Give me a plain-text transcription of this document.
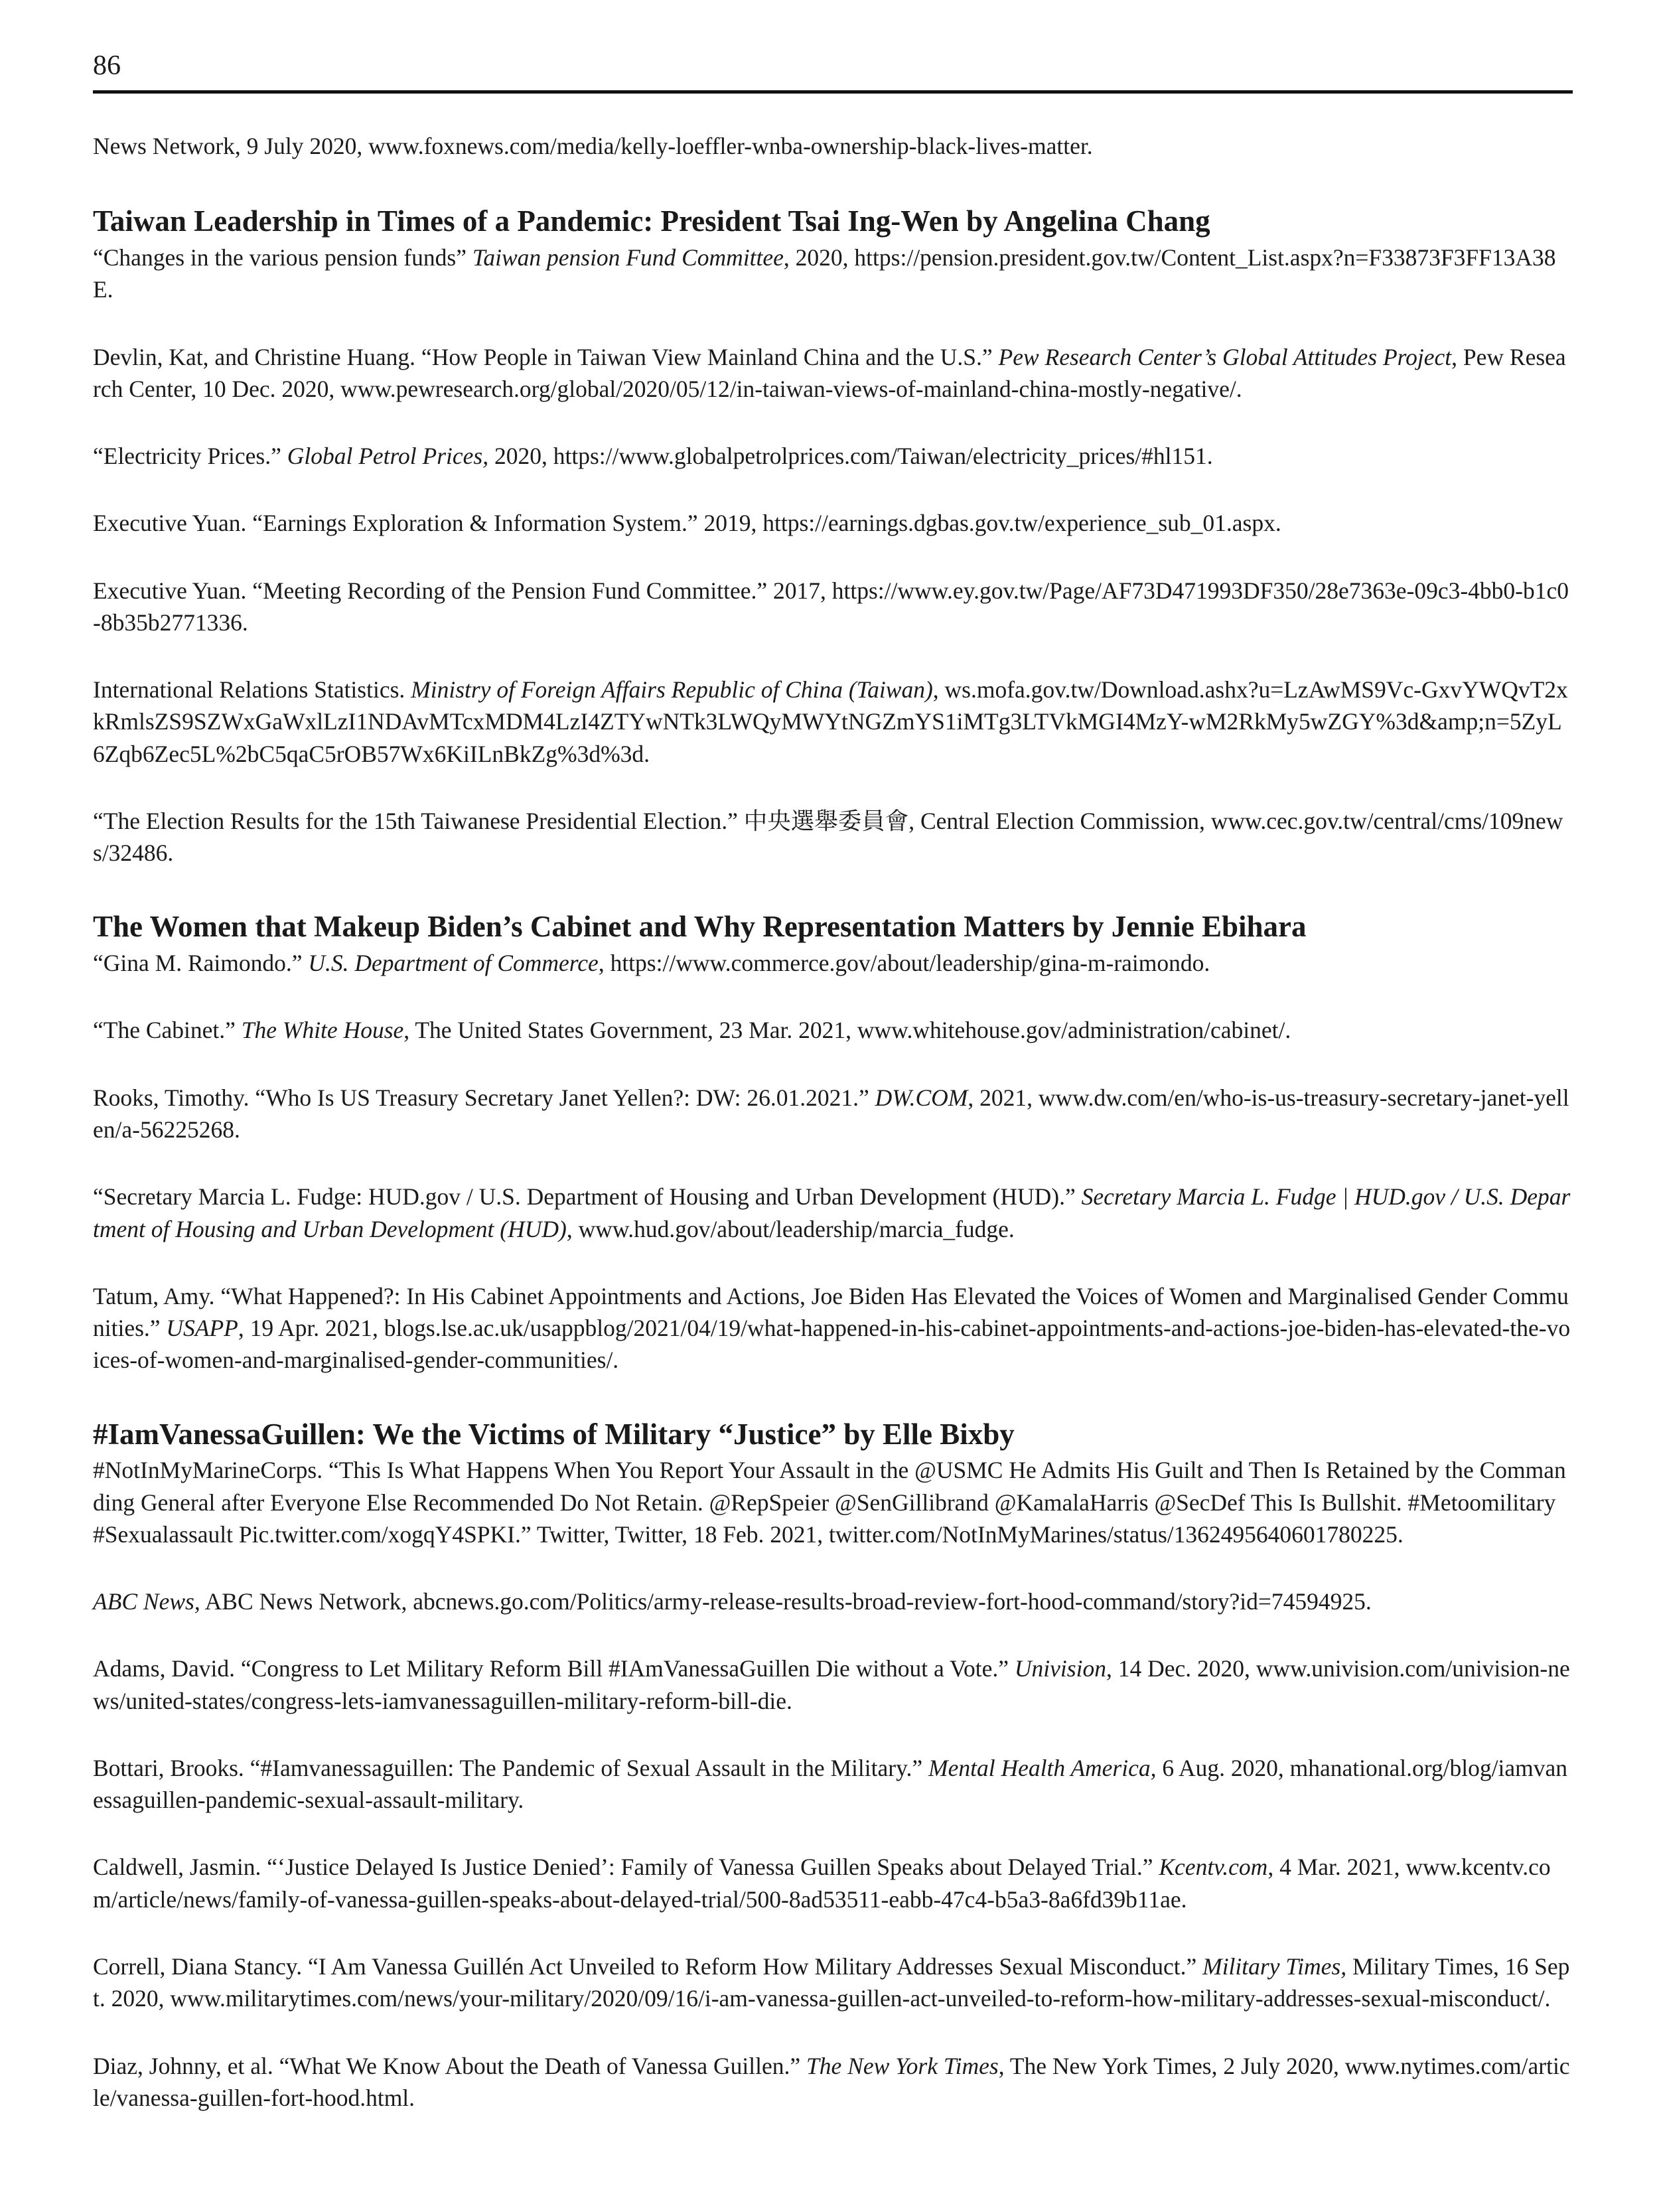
86

News Network, 9 July 2020, www.foxnews.com/media/kelly-loeffler-wnba-ownership-black-lives-matter.

Taiwan Leadership in Times of a Pandemic: President Tsai Ing-Wen by Angelina Chang

“Changes in the various pension funds” Taiwan pension Fund Committee, 2020, https://pension.president.gov.tw/Content_List.aspx?n=F33873F3FF13A38E.

Devlin, Kat, and Christine Huang. “How People in Taiwan View Mainland China and the U.S.” Pew Research Center’s Global Attitudes Project, Pew Research Center, 10 Dec. 2020, www.pewresearch.org/global/2020/05/12/in-taiwan-views-of-mainland-china-mostly-negative/.

“Electricity Prices.” Global Petrol Prices, 2020, https://www.globalpetrolprices.com/Taiwan/electricity_prices/#hl151.

Executive Yuan. “Earnings Exploration & Information System.” 2019, https://earnings.dgbas.gov.tw/experience_sub_01.aspx.

Executive Yuan. “Meeting Recording of the Pension Fund Committee.” 2017, https://www.ey.gov.tw/Page/AF73D471993DF350/28e7363e-09c3-4bb0-b1c0-8b35b2771336.

International Relations Statistics. Ministry of Foreign Affairs Republic of China (Taiwan), ws.mofa.gov.tw/Download.ashx?u=LzAwMS9Vc-GxvYWQvT2xkRmlsZS9SZWxGaWxlLzI1NDAvMTcxMDM4LzI4ZTYwNTk3LWQyMWYtNGZmYS1iMTg3LTVkMGI4MzY-wM2RkMy5wZGY%3d&amp;n=5ZyL6Zqb6Zec5L%2bC5qaC5rOB57Wx6KiILnBkZg%3d%3d.

“The Election Results for the 15th Taiwanese Presidential Election.” 中央選舉委員會, Central Election Commission, www.cec.gov.tw/central/cms/109news/32486.

The Women that Makeup Biden’s Cabinet and Why Representation Matters by Jennie Ebihara

“Gina M. Raimondo.” U.S. Department of Commerce, https://www.commerce.gov/about/leadership/gina-m-raimondo.

“The Cabinet.” The White House, The United States Government, 23 Mar. 2021, www.whitehouse.gov/administration/cabinet/.

Rooks, Timothy. “Who Is US Treasury Secretary Janet Yellen?: DW: 26.01.2021.” DW.COM, 2021, www.dw.com/en/who-is-us-treasury-secretary-janet-yellen/a-56225268.

“Secretary Marcia L. Fudge: HUD.gov / U.S. Department of Housing and Urban Development (HUD).” Secretary Marcia L. Fudge | HUD.gov / U.S. Department of Housing and Urban Development (HUD), www.hud.gov/about/leadership/marcia_fudge.

Tatum, Amy. “What Happened?: In His Cabinet Appointments and Actions, Joe Biden Has Elevated the Voices of Women and Marginalised Gender Communities.” USAPP, 19 Apr. 2021, blogs.lse.ac.uk/usappblog/2021/04/19/what-happened-in-his-cabinet-appointments-and-actions-joe-biden-has-elevated-the-voices-of-women-and-marginalised-gender-communities/.

#IamVanessaGuillen: We the Victims of Military “Justice” by Elle Bixby

#NotInMyMarineCorps. “This Is What Happens When You Report Your Assault in the @USMC He Admits His Guilt and Then Is Retained by the Commanding General after Everyone Else Recommended Do Not Retain. @RepSpeier @SenGillibrand @KamalaHarris @SecDef This Is Bullshit. #Metoomilitary #Sexualassault Pic.twitter.com/xogqY4SPKI.” Twitter, Twitter, 18 Feb. 2021, twitter.com/NotInMyMarines/status/1362495640601780225.

ABC News, ABC News Network, abcnews.go.com/Politics/army-release-results-broad-review-fort-hood-command/story?id=74594925.

Adams, David. “Congress to Let Military Reform Bill #IAmVanessaGuillen Die without a Vote.” Univision, 14 Dec. 2020, www.univision.com/univision-news/united-states/congress-lets-iamvanessaguillen-military-reform-bill-die.

Bottari, Brooks. “#Iamvanessaguillen: The Pandemic of Sexual Assault in the Military.” Mental Health America, 6 Aug. 2020, mhanational.org/blog/iamvanessaguillen-pandemic-sexual-assault-military.

Caldwell, Jasmin. “‘Justice Delayed Is Justice Denied’: Family of Vanessa Guillen Speaks about Delayed Trial.” Kcentv.com, 4 Mar. 2021, www.kcentv.com/article/news/family-of-vanessa-guillen-speaks-about-delayed-trial/500-8ad53511-eabb-47c4-b5a3-8a6fd39b11ae.

Correll, Diana Stancy. “I Am Vanessa Guillén Act Unveiled to Reform How Military Addresses Sexual Misconduct.” Military Times, Military Times, 16 Sept. 2020, www.militarytimes.com/news/your-military/2020/09/16/i-am-vanessa-guillen-act-unveiled-to-reform-how-military-addresses-sexual-misconduct/.

Diaz, Johnny, et al. “What We Know About the Death of Vanessa Guillen.” The New York Times, The New York Times, 2 July 2020, www.nytimes.com/article/vanessa-guillen-fort-hood.html.
